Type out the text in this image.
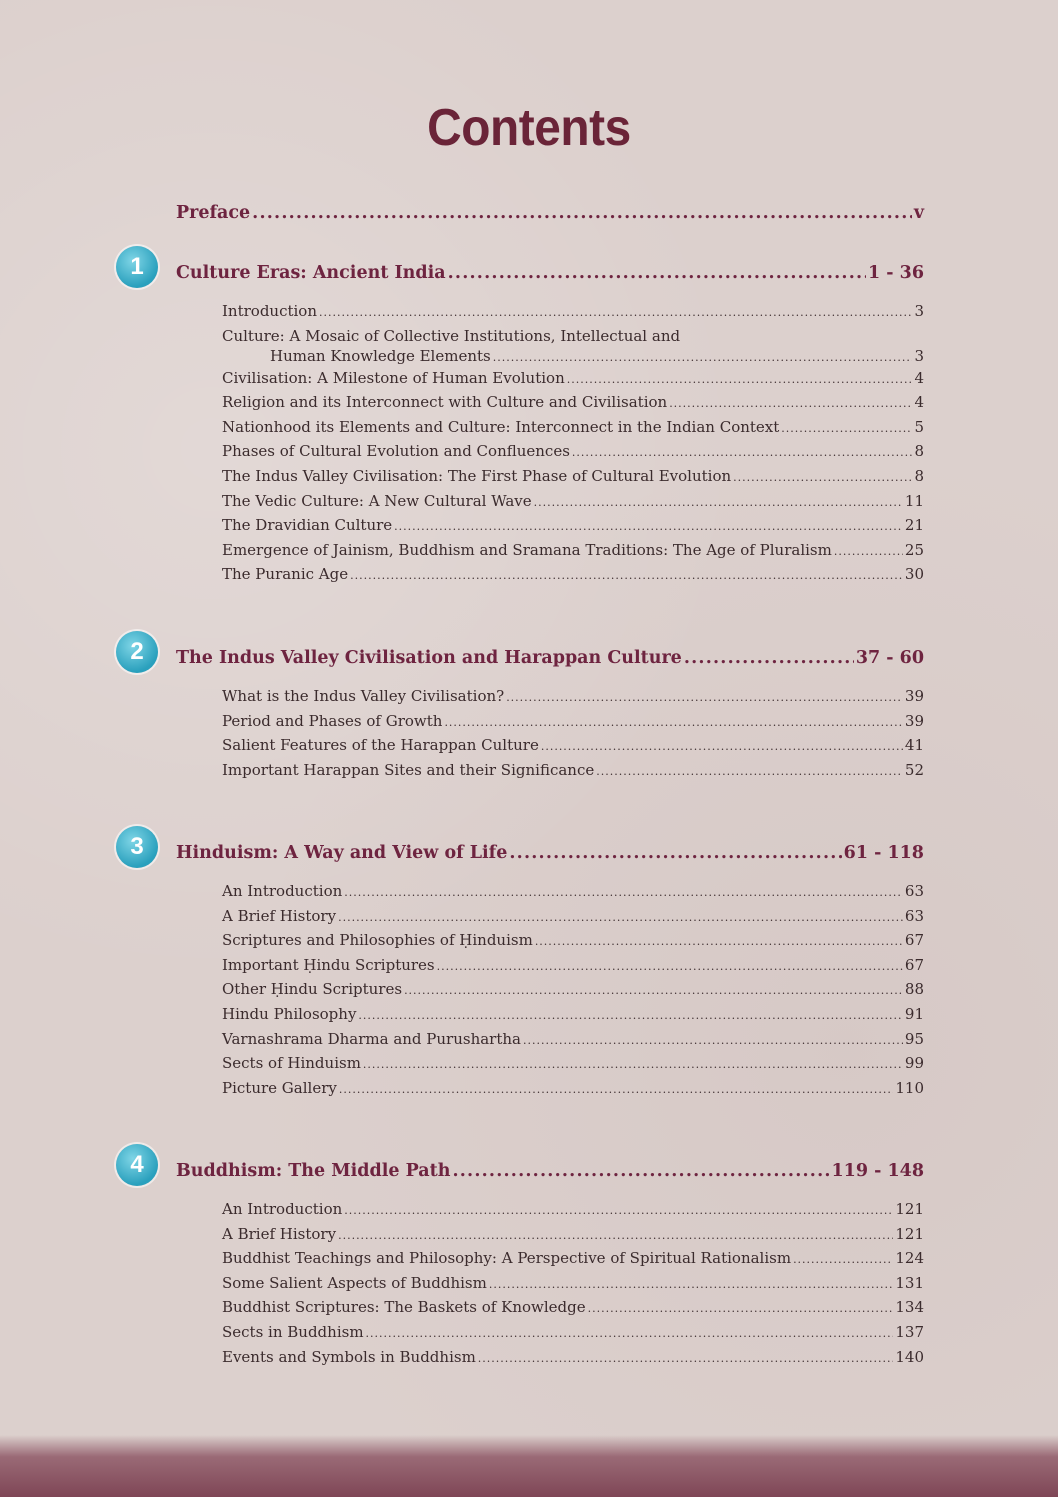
Contents
Preface .....	v
Culture Eras: Ancient India .....	1 - 36
Introduction .....	3
Culture: A Mosaic of Collective Institutions, Intellectual and
Human Knowledge Elements .....	3
Civilisation: A Milestone of Human Evolution .....	4
Religion and its Interconnect with Culture and Civilisation .....	4
Nationhood its Elements and Culture: Interconnect in the Indian Context .....	5
Phases of Cultural Evolution and Confluences .....	8
The Indus Valley Civilisation: The First Phase of Cultural Evolution .....	8
The Vedic Culture: A New Cultural Wave .....	11
The Dravidian Culture .....	21
Emergence of Jainism, Buddhism and Sramana Traditions: The Age of Pluralism .....	25
The Puranic Age .....	30
The Indus Valley Civilisation and Harappan Culture .....	37 - 60
What is the Indus Valley Civilisation? .....	39
Period and Phases of Growth .....	39
Salient Features of the Harappan Culture .....	41
Important Harappan Sites and their Significance .....	52
Hinduism: A Way and View of Life .....	61 - 118
An Introduction .....	63
A Brief History .....	63
Scriptures and Philosophies of Ḥinduism .....	67
Important Ḥindu Scriptures .....	67
Other Ḥindu Scriptures .....	88
Hindu Philosophy .....	91
Varnashrama Dharma and Purushartha .....	95
Sects of Hinduism .....	99
Picture Gallery .....	110
Buddhism: The Middle Path .....	119 - 148
An Introduction .....	121
A Brief History .....	121
Buddhist Teachings and Philosophy: A Perspective of Spiritual Rationalism .....	124
Some Salient Aspects of Buddhism .....	131
Buddhist Scriptures: The Baskets of Knowledge .....	134
Sects in Buddhism .....	137
Events and Symbols in Buddhism .....	140
1
2
3
4
